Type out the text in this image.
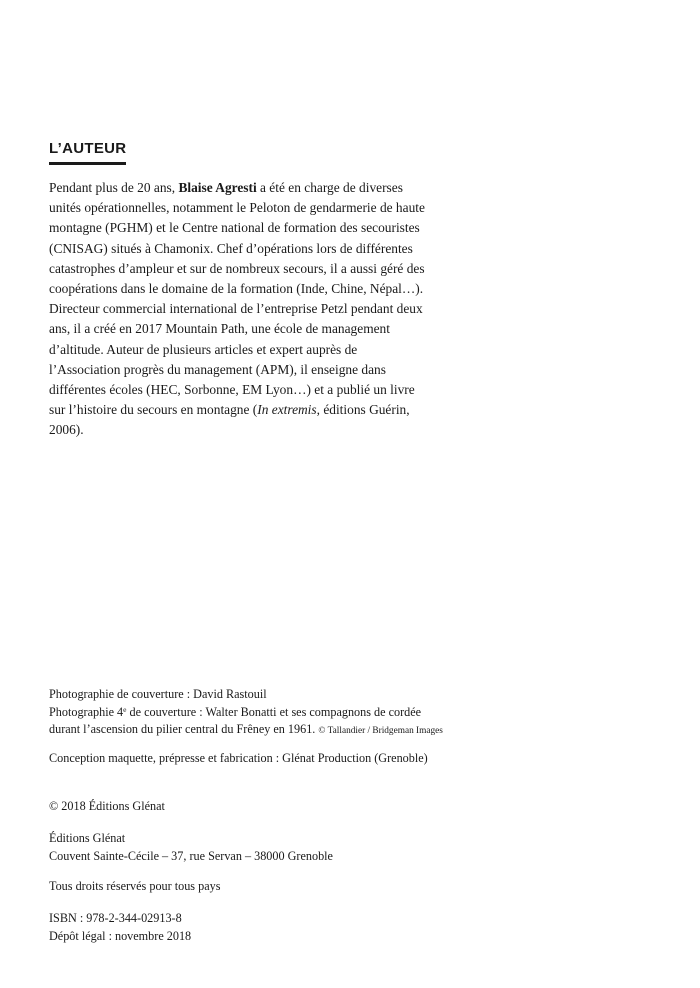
L’AUTEUR

Pendant plus de 20 ans, Blaise Agresti a été en charge de diverses unités opérationnelles, notamment le Peloton de gendarmerie de haute montagne (PGHM) et le Centre national de formation des secouristes (CNISAG) situés à Chamonix. Chef d’opérations lors de différentes catastrophes d’ampleur et sur de nombreux secours, il a aussi géré des coopérations dans le domaine de la formation (Inde, Chine, Népal…). Directeur commercial international de l’entreprise Petzl pendant deux ans, il a créé en 2017 Mountain Path, une école de management d’altitude. Auteur de plusieurs articles et expert auprès de l’Association progrès du management (APM), il enseigne dans différentes écoles (HEC, Sorbonne, EM Lyon…) et a publié un livre sur l’histoire du secours en montagne (In extremis, éditions Guérin, 2006).

Photographie de couverture : David Rastouil
Photographie 4e de couverture : Walter Bonatti et ses compagnons de cordée
durant l’ascension du pilier central du Frêney en 1961. © Tallandier / Bridgeman Images
Conception maquette, prépresse et fabrication : Glénat Production (Grenoble)
© 2018 Éditions Glénat
Éditions Glénat
Couvent Sainte-Cécile – 37, rue Servan – 38000 Grenoble
Tous droits réservés pour tous pays
ISBN : 978-2-344-02913-8
Dépôt légal : novembre 2018
